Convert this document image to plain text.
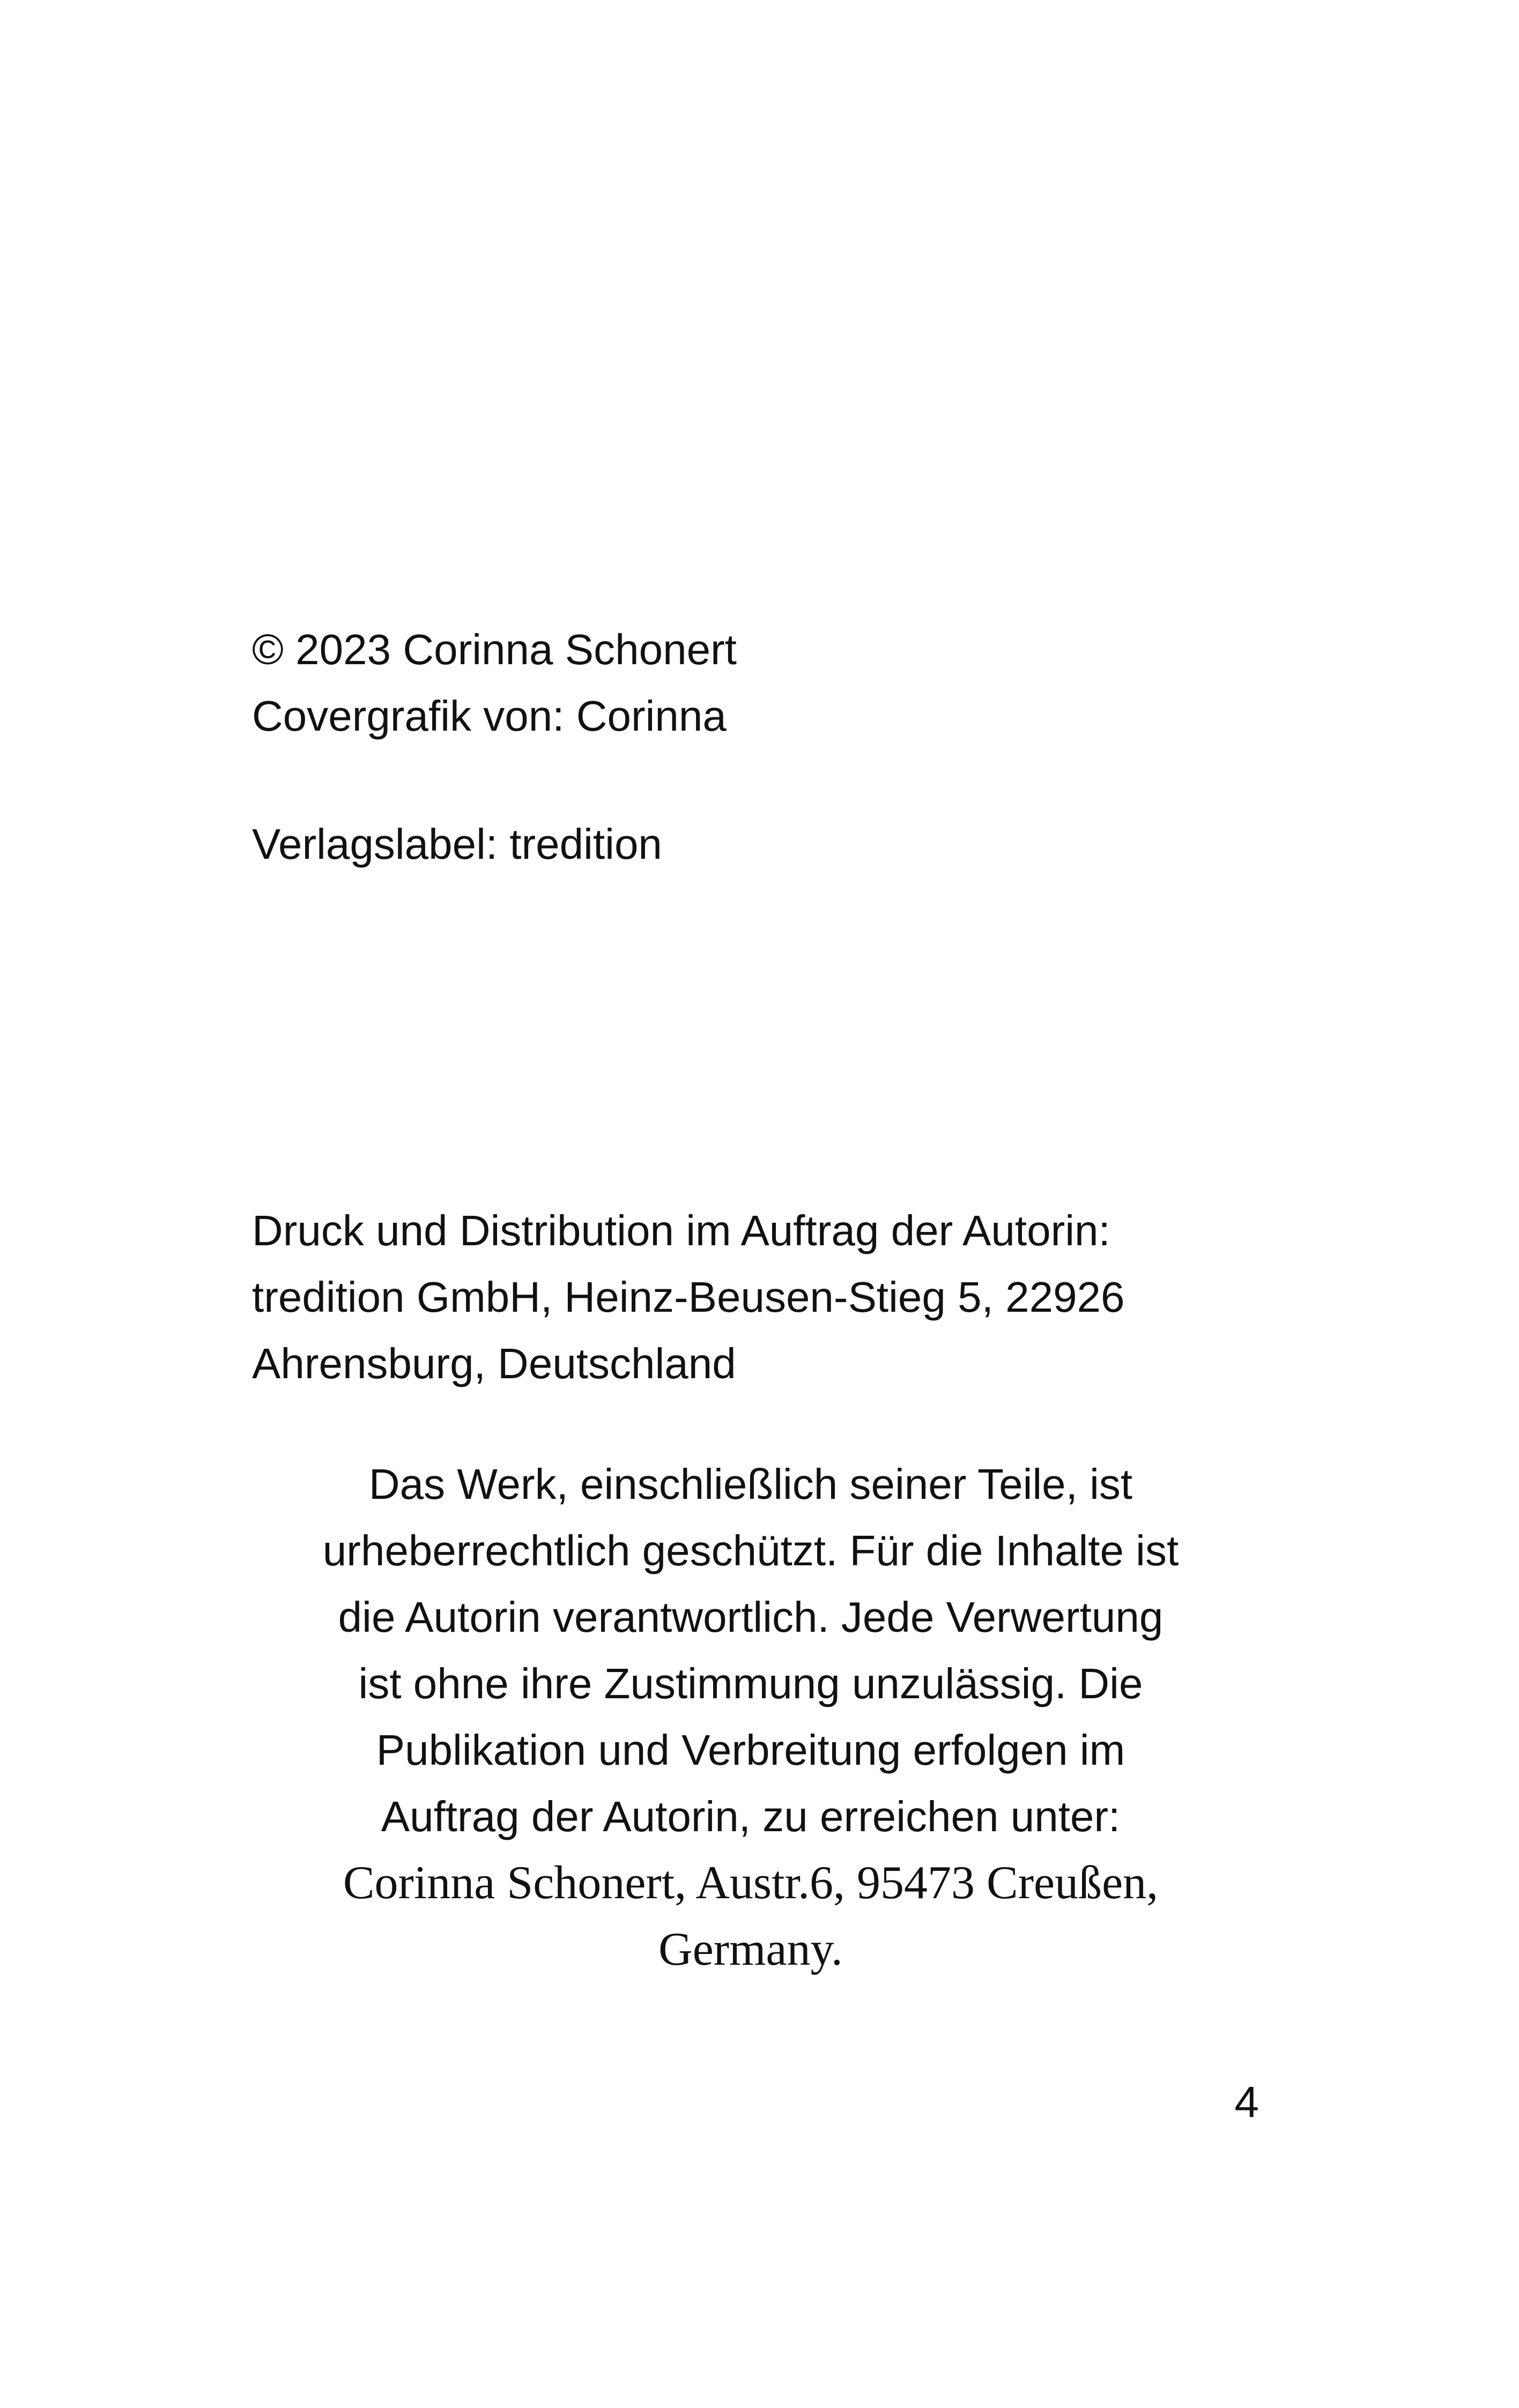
© 2023 Corinna Schonert
Covergrafik von: Corinna
Verlagslabel: tredition
Druck und Distribution im Auftrag der Autorin:
tredition GmbH, Heinz-Beusen-Stieg 5, 22926
Ahrensburg, Deutschland
Das Werk, einschließlich seiner Teile, ist
urheberrechtlich geschützt. Für die Inhalte ist
die Autorin verantwortlich. Jede Verwertung
ist ohne ihre Zustimmung unzulässig. Die
Publikation und Verbreitung erfolgen im
Auftrag der Autorin, zu erreichen unter:
Corinna Schonert, Austr.6, 95473 Creußen,
Germany.
4
